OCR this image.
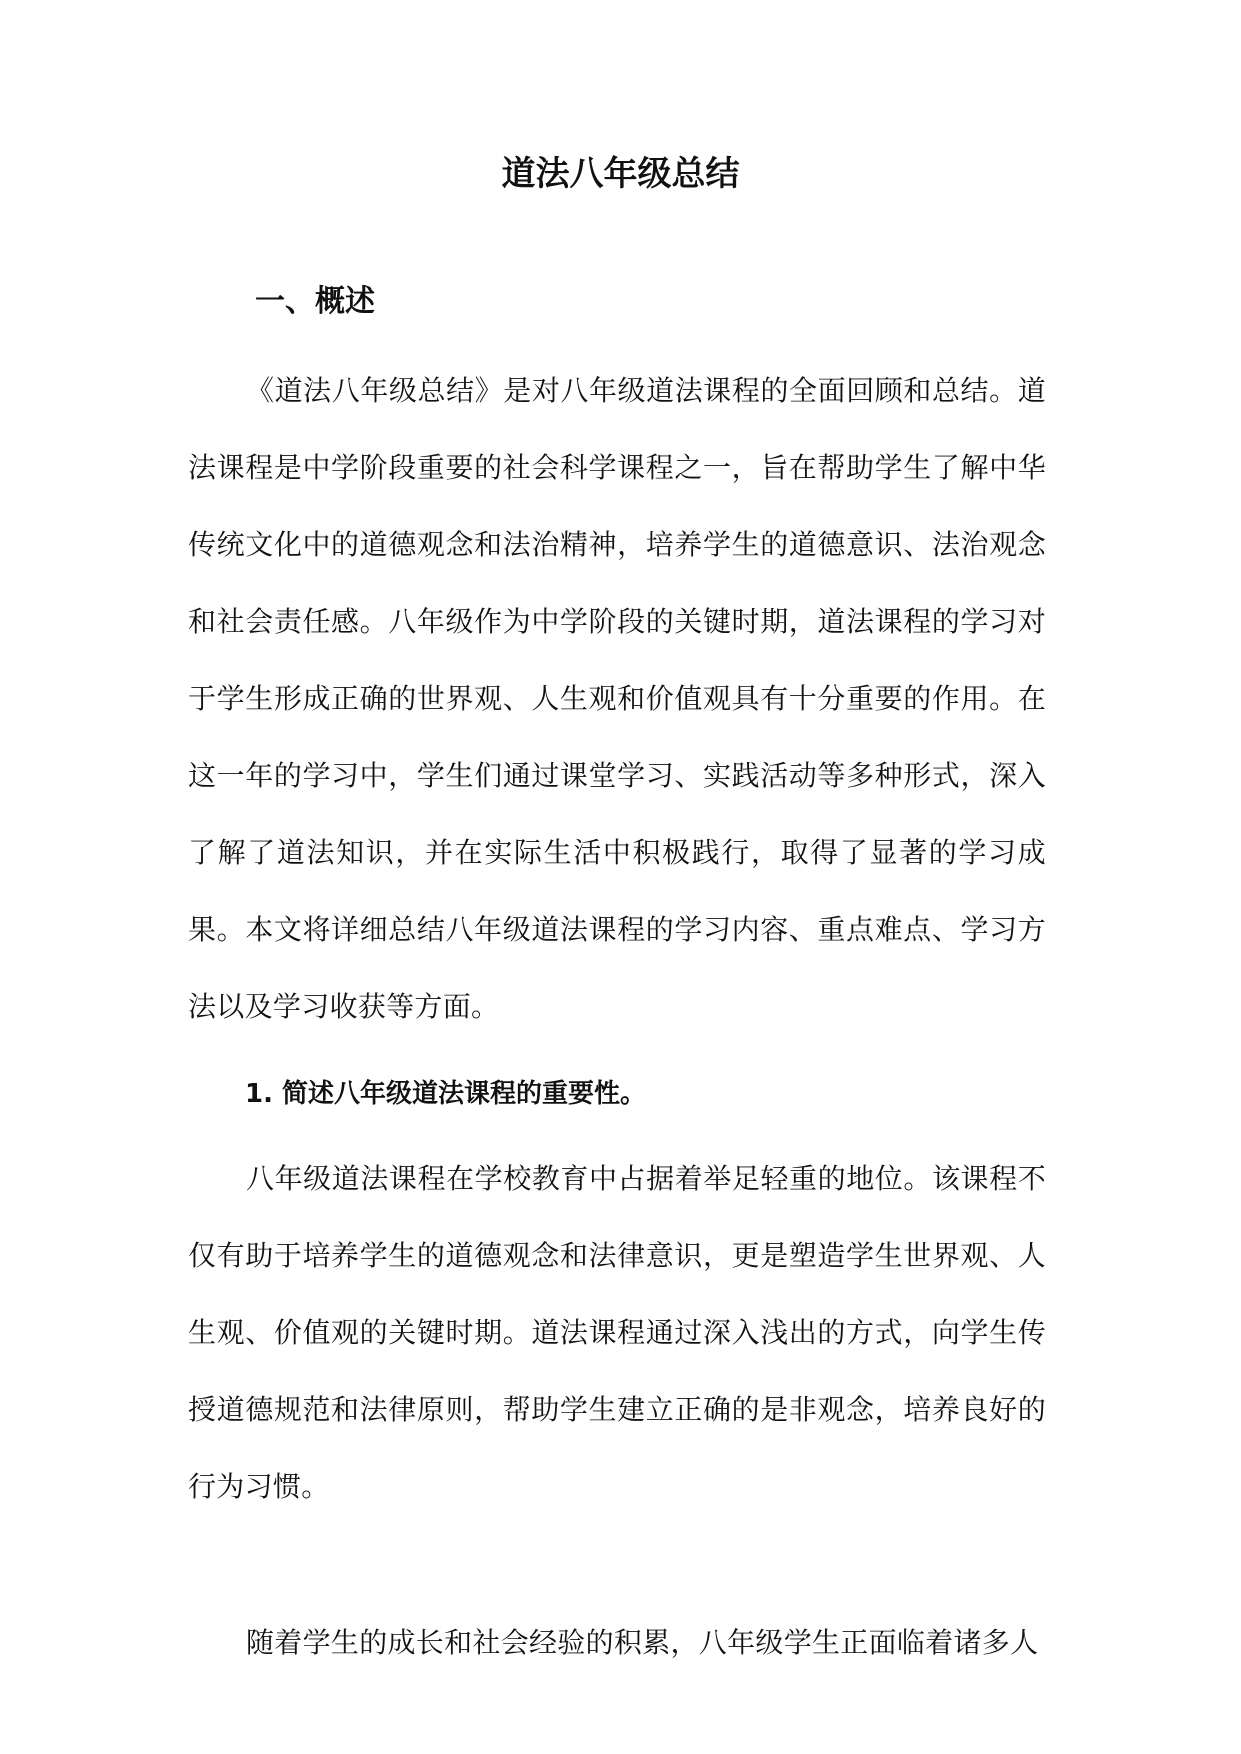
道法八年级总结
一、概述

《道法八年级总结》是对八年级道法课程的全面回顾和总结。道法课程是中学阶段重要的社会科学课程之一，旨在帮助学生了解中华传统文化中的道德观念和法治精神，培养学生的道德意识、法治观念和社会责任感。八年级作为中学阶段的关键时期，道法课程的学习对于学生形成正确的世界观、人生观和价值观具有十分重要的作用。在这一年的学习中，学生们通过课堂学习、实践活动等多种形式，深入了解了道法知识，并在实际生活中积极践行，取得了显著的学习成果。本文将详细总结八年级道法课程的学习内容、重点难点、学习方法以及学习收获等方面。

1. 简述八年级道法课程的重要性。

八年级道法课程在学校教育中占据着举足轻重的地位。该课程不仅有助于培养学生的道德观念和法律意识，更是塑造学生世界观、人生观、价值观的关键时期。道法课程通过深入浅出的方式，向学生传授道德规范和法律原则，帮助学生建立正确的是非观念，培养良好的行为习惯。

随着学生的成长和社会经验的积累，八年级学生正面临着诸多人
